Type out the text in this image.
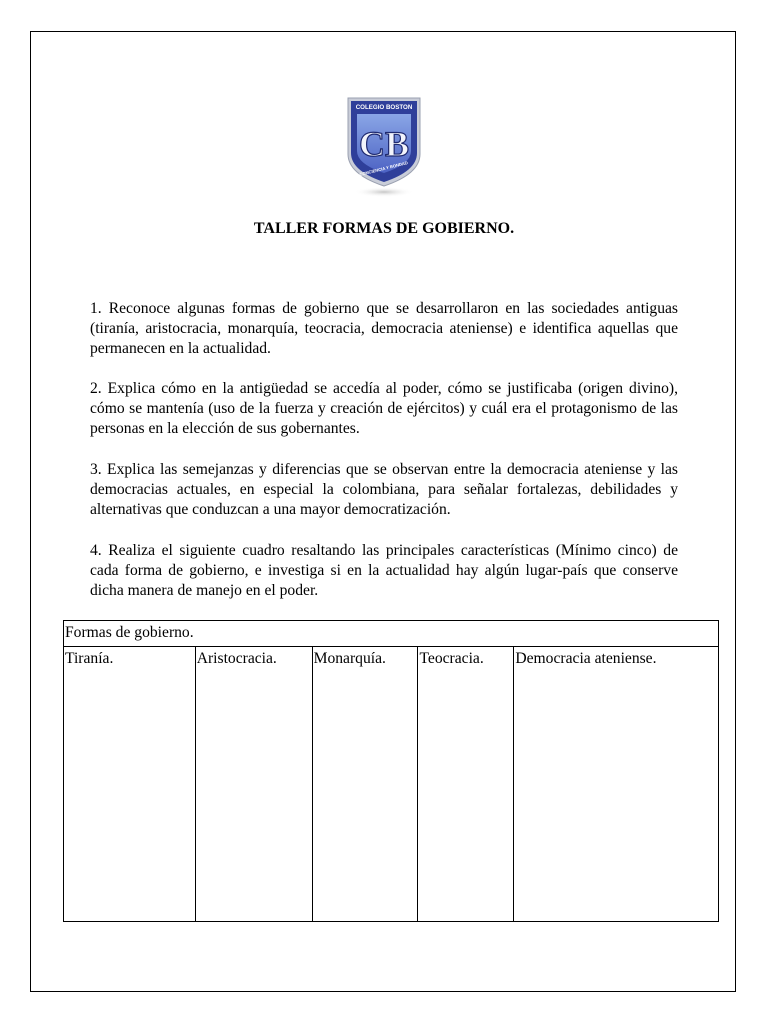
COLEGIO BOSTON
CB
CONCIENCIA Y BONDAD
TALLER FORMAS DE GOBIERNO.

1. Reconoce algunas formas de gobierno que se desarrollaron en las sociedades antiguas (tiranía, aristocracia, monarquía, teocracia, democracia ateniense) e identifica aquellas que permanecen en la actualidad.

2. Explica cómo en la antigüedad se accedía al poder, cómo se justificaba (origen divino), cómo se mantenía (uso de la fuerza y creación de ejércitos) y cuál era el protagonismo de las personas en la elección de sus gobernantes.

3. Explica las semejanzas y diferencias que se observan entre la democracia ateniense y las democracias actuales, en especial la colombiana, para señalar fortalezas, debilidades y alternativas que conduzcan a una mayor democratización.

4. Realiza el siguiente cuadro resaltando las principales características (Mínimo cinco) de cada forma de gobierno, e investiga si en la actualidad hay algún lugar-país que conserve dicha manera de manejo en el poder.

Formas de gobierno.
Tiranía.	Aristocracia.	Monarquía.	Teocracia.	Democracia ateniense.
